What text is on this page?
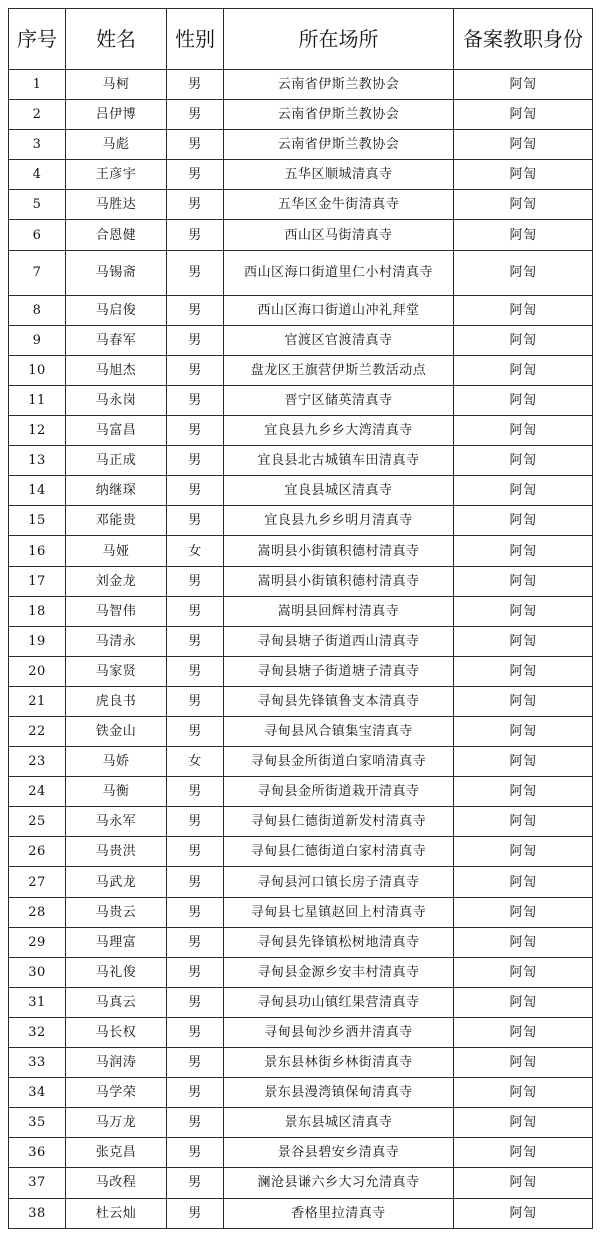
序号	姓名	性别	所在场所	备案教职身份
1	马柯	男	云南省伊斯兰教协会	阿訇
2	吕伊博	男	云南省伊斯兰教协会	阿訇
3	马彪	男	云南省伊斯兰教协会	阿訇
4	王彦宇	男	五华区顺城清真寺	阿訇
5	马胜达	男	五华区金牛街清真寺	阿訇
6	合恩健	男	西山区马街清真寺	阿訇
7	马锡斋	男	西山区海口街道里仁小村清真寺	阿訇
8	马启俊	男	西山区海口街道山冲礼拜堂	阿訇
9	马春军	男	官渡区官渡清真寺	阿訇
10	马旭杰	男	盘龙区王旗营伊斯兰教活动点	阿訇
11	马永岗	男	晋宁区储英清真寺	阿訇
12	马富昌	男	宜良县九乡乡大湾清真寺	阿訇
13	马正成	男	宜良县北古城镇车田清真寺	阿訇
14	纳继琛	男	宜良县城区清真寺	阿訇
15	邓能贵	男	宜良县九乡乡明月清真寺	阿訇
16	马娅	女	嵩明县小街镇积德村清真寺	阿訇
17	刘金龙	男	嵩明县小街镇积德村清真寺	阿訇
18	马智伟	男	嵩明县回辉村清真寺	阿訇
19	马清永	男	寻甸县塘子街道西山清真寺	阿訇
20	马家贤	男	寻甸县塘子街道塘子清真寺	阿訇
21	虎良书	男	寻甸县先锋镇鲁支本清真寺	阿訇
22	铁金山	男	寻甸县风合镇集宝清真寺	阿訇
23	马娇	女	寻甸县金所街道白家哨清真寺	阿訇
24	马衡	男	寻甸县金所街道栽开清真寺	阿訇
25	马永军	男	寻甸县仁德街道新发村清真寺	阿訇
26	马贵洪	男	寻甸县仁德街道白家村清真寺	阿訇
27	马武龙	男	寻甸县河口镇长房子清真寺	阿訇
28	马贵云	男	寻甸县七星镇赵回上村清真寺	阿訇
29	马理富	男	寻甸县先锋镇松树地清真寺	阿訇
30	马礼俊	男	寻甸县金源乡安丰村清真寺	阿訇
31	马真云	男	寻甸县功山镇红果营清真寺	阿訇
32	马长权	男	寻甸县甸沙乡洒井清真寺	阿訇
33	马润涛	男	景东县林街乡林街清真寺	阿訇
34	马学荣	男	景东县漫湾镇保甸清真寺	阿訇
35	马万龙	男	景东县城区清真寺	阿訇
36	张克昌	男	景谷县碧安乡清真寺	阿訇
37	马改程	男	澜沧县谦六乡大习允清真寺	阿訇
38	杜云灿	男	香格里拉清真寺	阿訇
